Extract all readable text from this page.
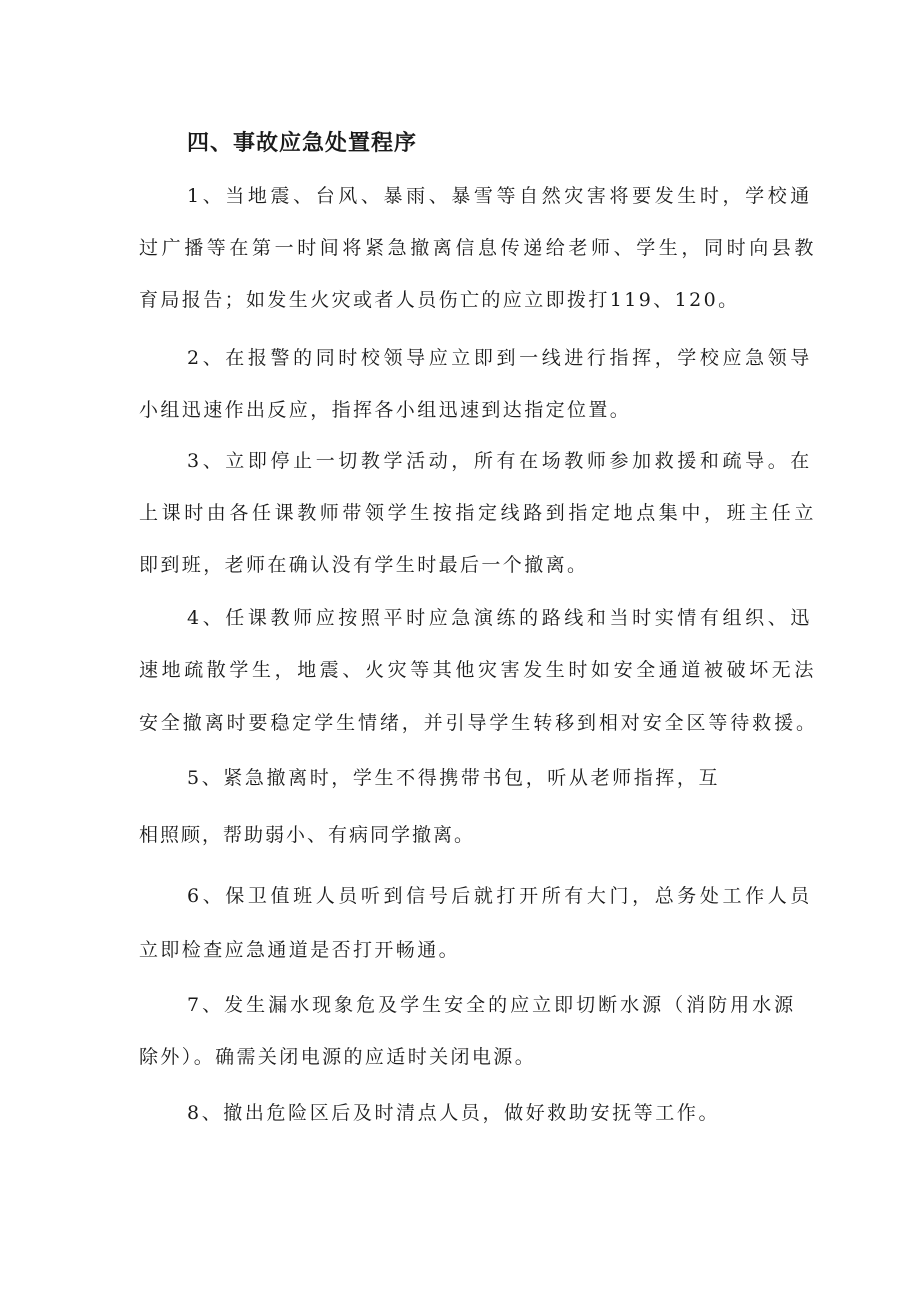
四、事故应急处置程序
1、当地震、台风、暴雨、暴雪等自然灾害将要发生时，学校通
过广播等在第一时间将紧急撤离信息传递给老师、学生，同时向县教
育局报告；如发生火灾或者人员伤亡的应立即拨打119、120。
2、在报警的同时校领导应立即到一线进行指挥，学校应急领导
小组迅速作出反应，指挥各小组迅速到达指定位置。
3、立即停止一切教学活动，所有在场教师参加救援和疏导。在
上课时由各任课教师带领学生按指定线路到指定地点集中，班主任立
即到班，老师在确认没有学生时最后一个撤离。
4、任课教师应按照平时应急演练的路线和当时实情有组织、迅
速地疏散学生，地震、火灾等其他灾害发生时如安全通道被破坏无法
安全撤离时要稳定学生情绪，并引导学生转移到相对安全区等待救援。
5、紧急撤离时，学生不得携带书包，听从老师指挥，互
相照顾，帮助弱小、有病同学撤离。
6、保卫值班人员听到信号后就打开所有大门，总务处工作人员
立即检查应急通道是否打开畅通。
7、发生漏水现象危及学生安全的应立即切断水源（消防用水源
除外）。确需关闭电源的应适时关闭电源。
8、撤出危险区后及时清点人员，做好救助安抚等工作。
